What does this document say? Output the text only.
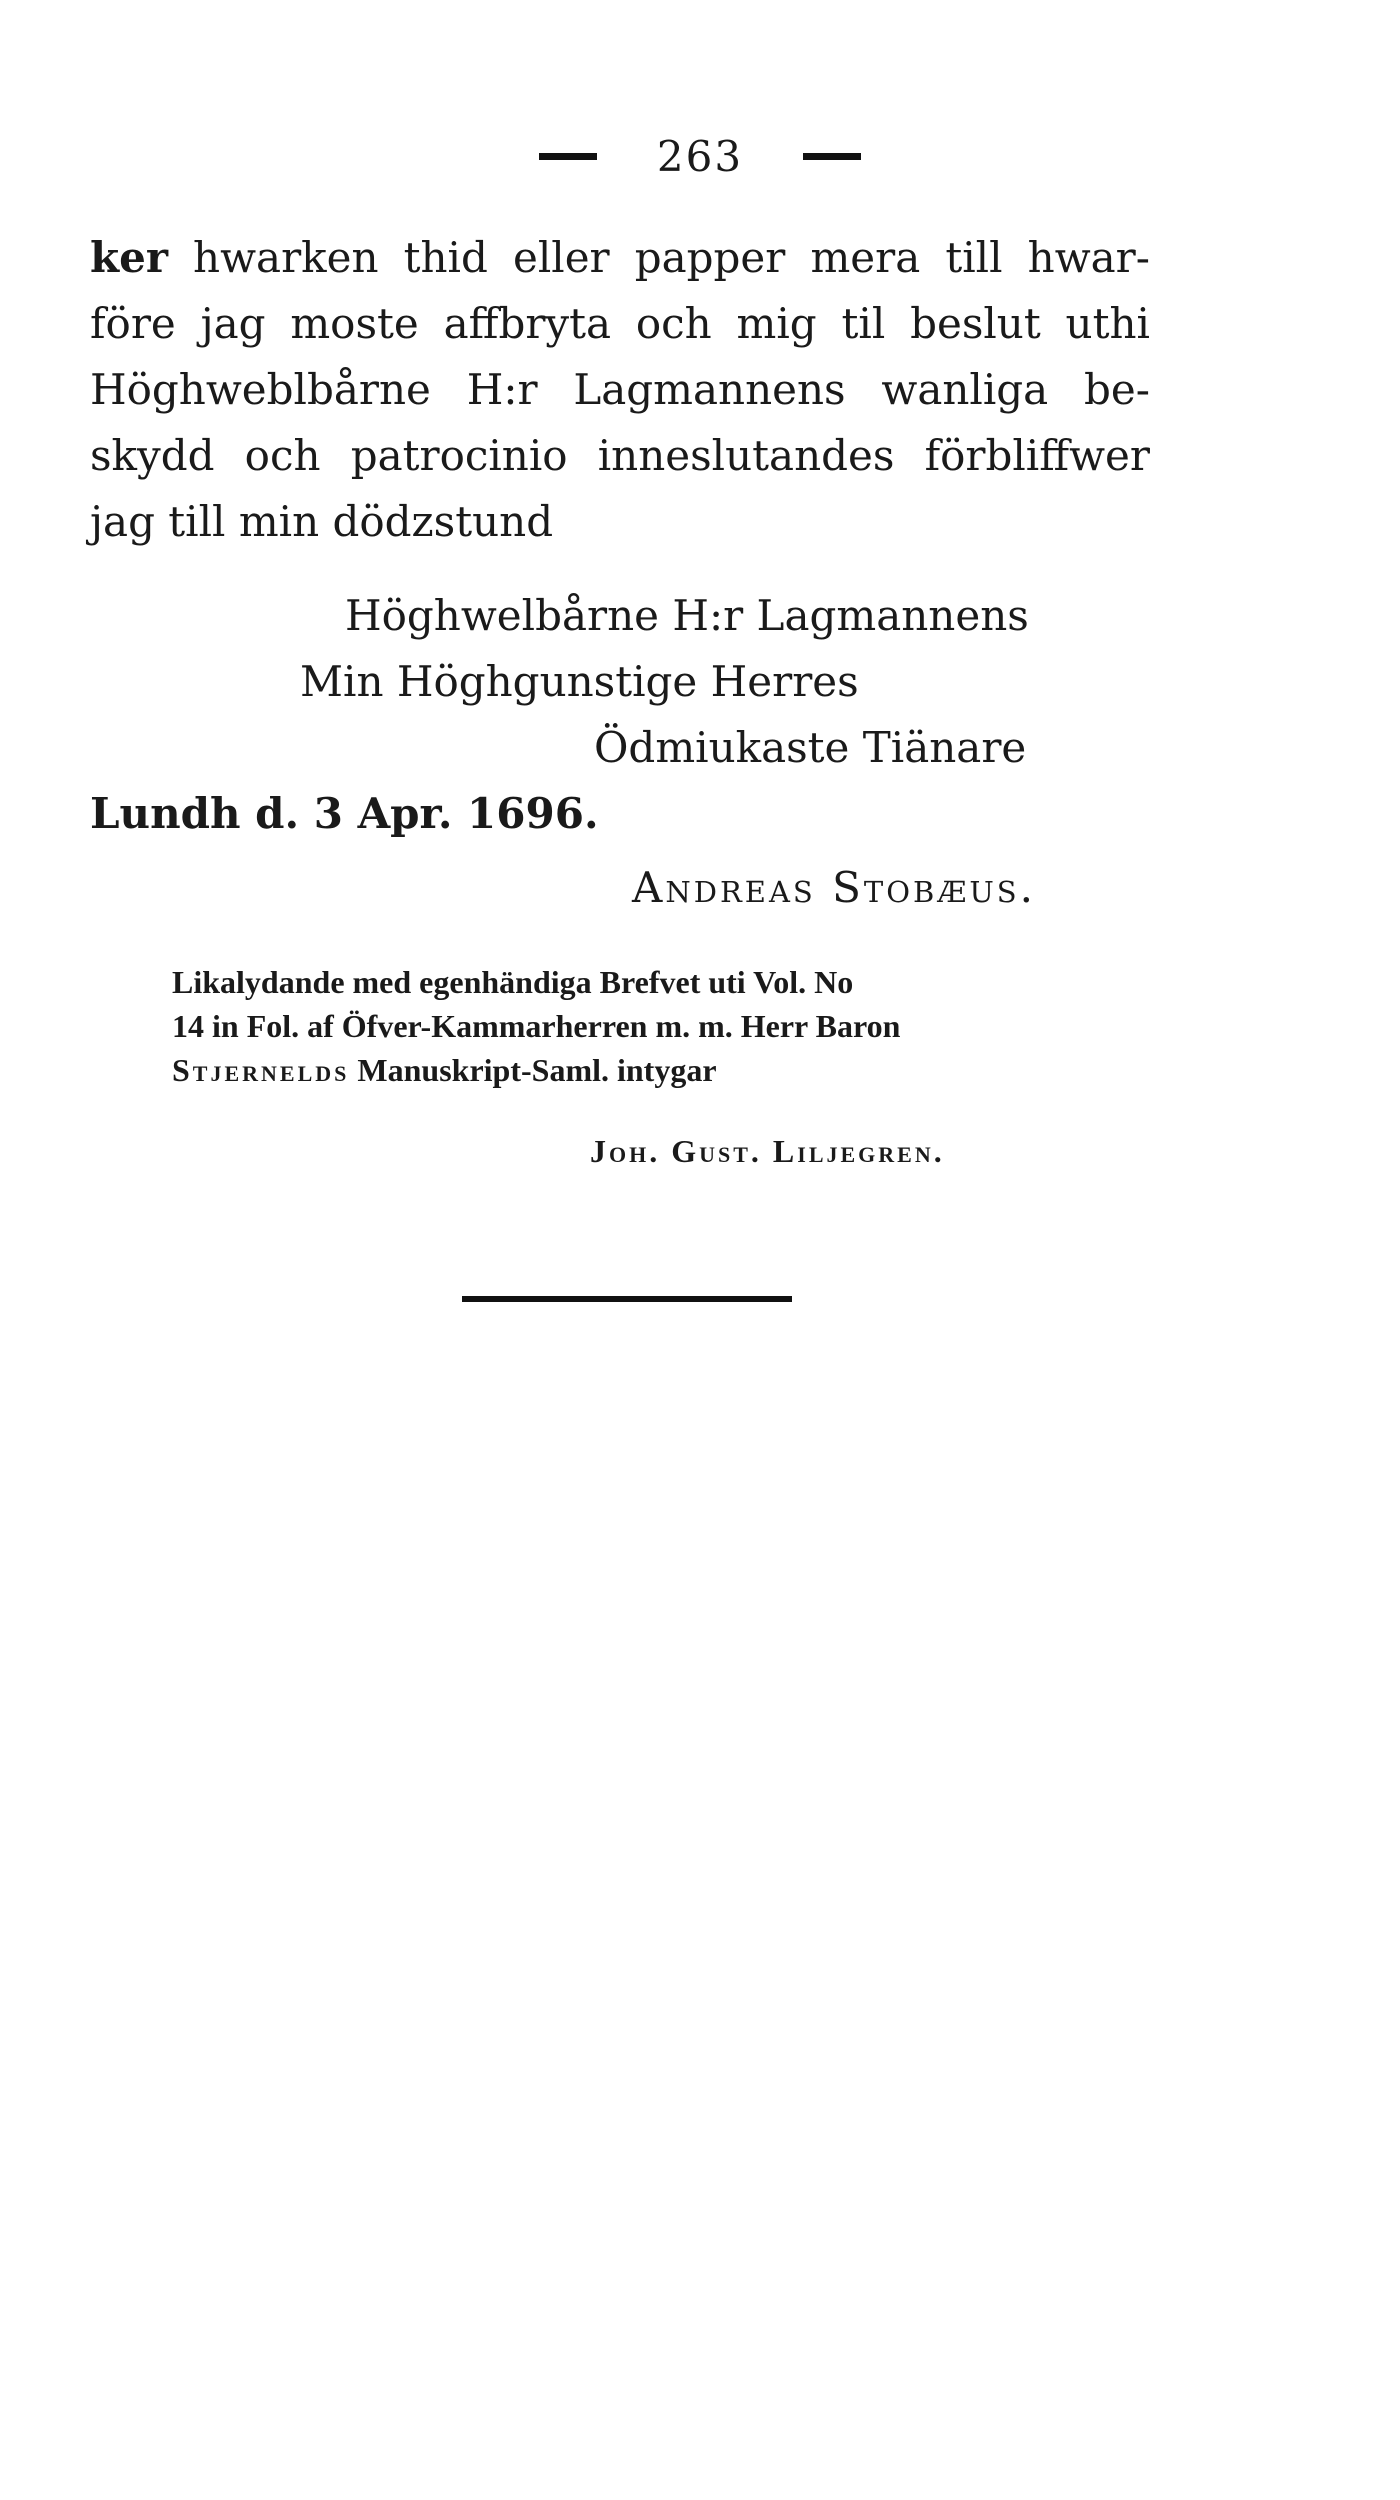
263
ker hwarken thid eller papper mera till hwar-
före jag moste affbryta och mig til beslut uthi
Höghweblbårne H:r Lagmannens wanliga be-
skydd och patrocinio inneslutandes förbliffwer
jag till min dödzstund
Höghwelbårne H:r Lagmannens
Min Höghgunstige Herres
Ödmiukaste Tiänare
Lundh d. 3 Apr. 1696.
Andreas Stobæus.
Likalydande med egenhändiga Brefvet uti Vol. No
14 in Fol. af Öfver-Kammarherren m. m. Herr Baron
Stjernelds Manuskript-Saml. intygar
Joh. Gust. Liljegren.
